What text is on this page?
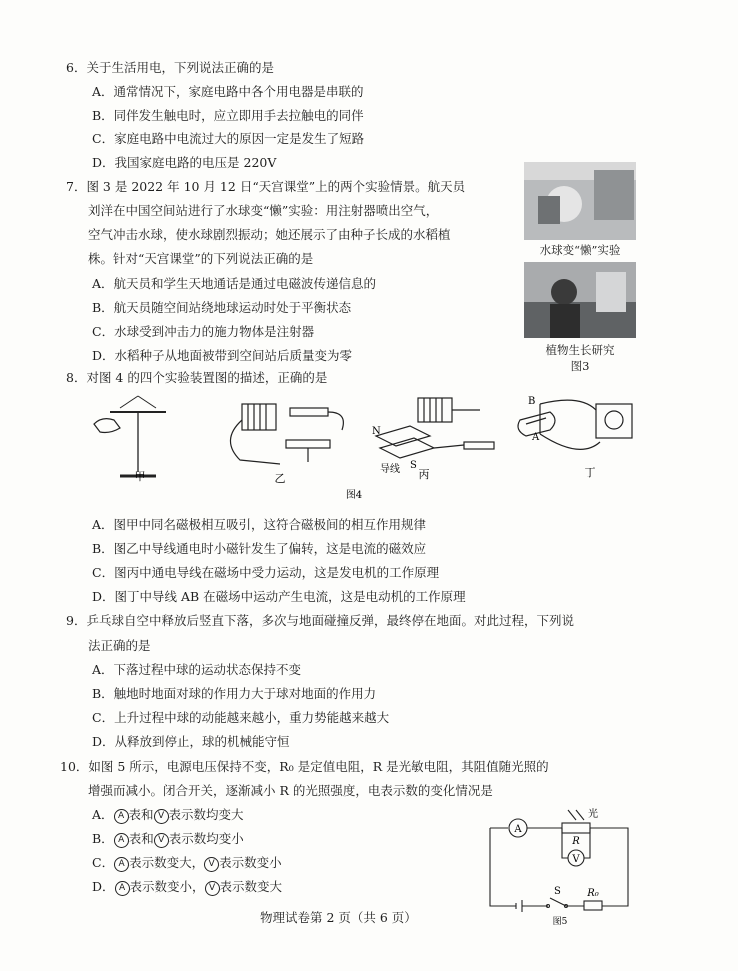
6．关于生活用电，下列说法正确的是
A．通常情况下，家庭电路中各个用电器是串联的
B．同伴发生触电时，应立即用手去拉触电的同伴
C．家庭电路中电流过大的原因一定是发生了短路
D．我国家庭电路的电压是 220V
7．图 3 是 2022 年 10 月 12 日“天宫课堂”上的两个实验情景。航天员
刘洋在中国空间站进行了水球变“懒”实验：用注射器喷出空气，
空气冲击水球，使水球剧烈振动；她还展示了由种子长成的水稻植
株。针对“天宫课堂”的下列说法正确的是
A．航天员和学生天地通话是通过电磁波传递信息的
B．航天员随空间站绕地球运动时处于平衡状态
C．水球受到冲击力的施力物体是注射器
D．水稻种子从地面被带到空间站后质量变为零
水球变“懒”实验
植物生长研究
图3
8．对图 4 的四个实验装置图的描述，正确的是
甲	乙
N
S
导线 丙
B
A
丁
图4
A．图甲中同名磁极相互吸引，这符合磁极间的相互作用规律
B．图乙中导线通电时小磁针发生了偏转，这是电流的磁效应
C．图丙中通电导线在磁场中受力运动，这是发电机的工作原理
D．图丁中导线 AB 在磁场中运动产生电流，这是电动机的工作原理
9．乒乓球自空中释放后竖直下落，多次与地面碰撞反弹，最终停在地面。对此过程，下列说
法正确的是
A．下落过程中球的运动状态保持不变
B．触地时地面对球的作用力大于球对地面的作用力
C．上升过程中球的动能越来越小，重力势能越来越大
D．从释放到停止，球的机械能守恒
10．如图 5 所示，电源电压保持不变，R₀ 是定值电阻，R 是光敏电阻，其阻值随光照的
增强而减小。闭合开关，逐渐减小 R 的光照强度，电表示数的变化情况是
A． A 表和 V 表示数均变大
B． A 表和 V 表示数均变小
C． A 表示数变大， V 表示数变小
D． A 表示数变小， V 表示数变大
A
V
光
R
S	R₀
图5
物理试卷第 2 页（共 6 页）
